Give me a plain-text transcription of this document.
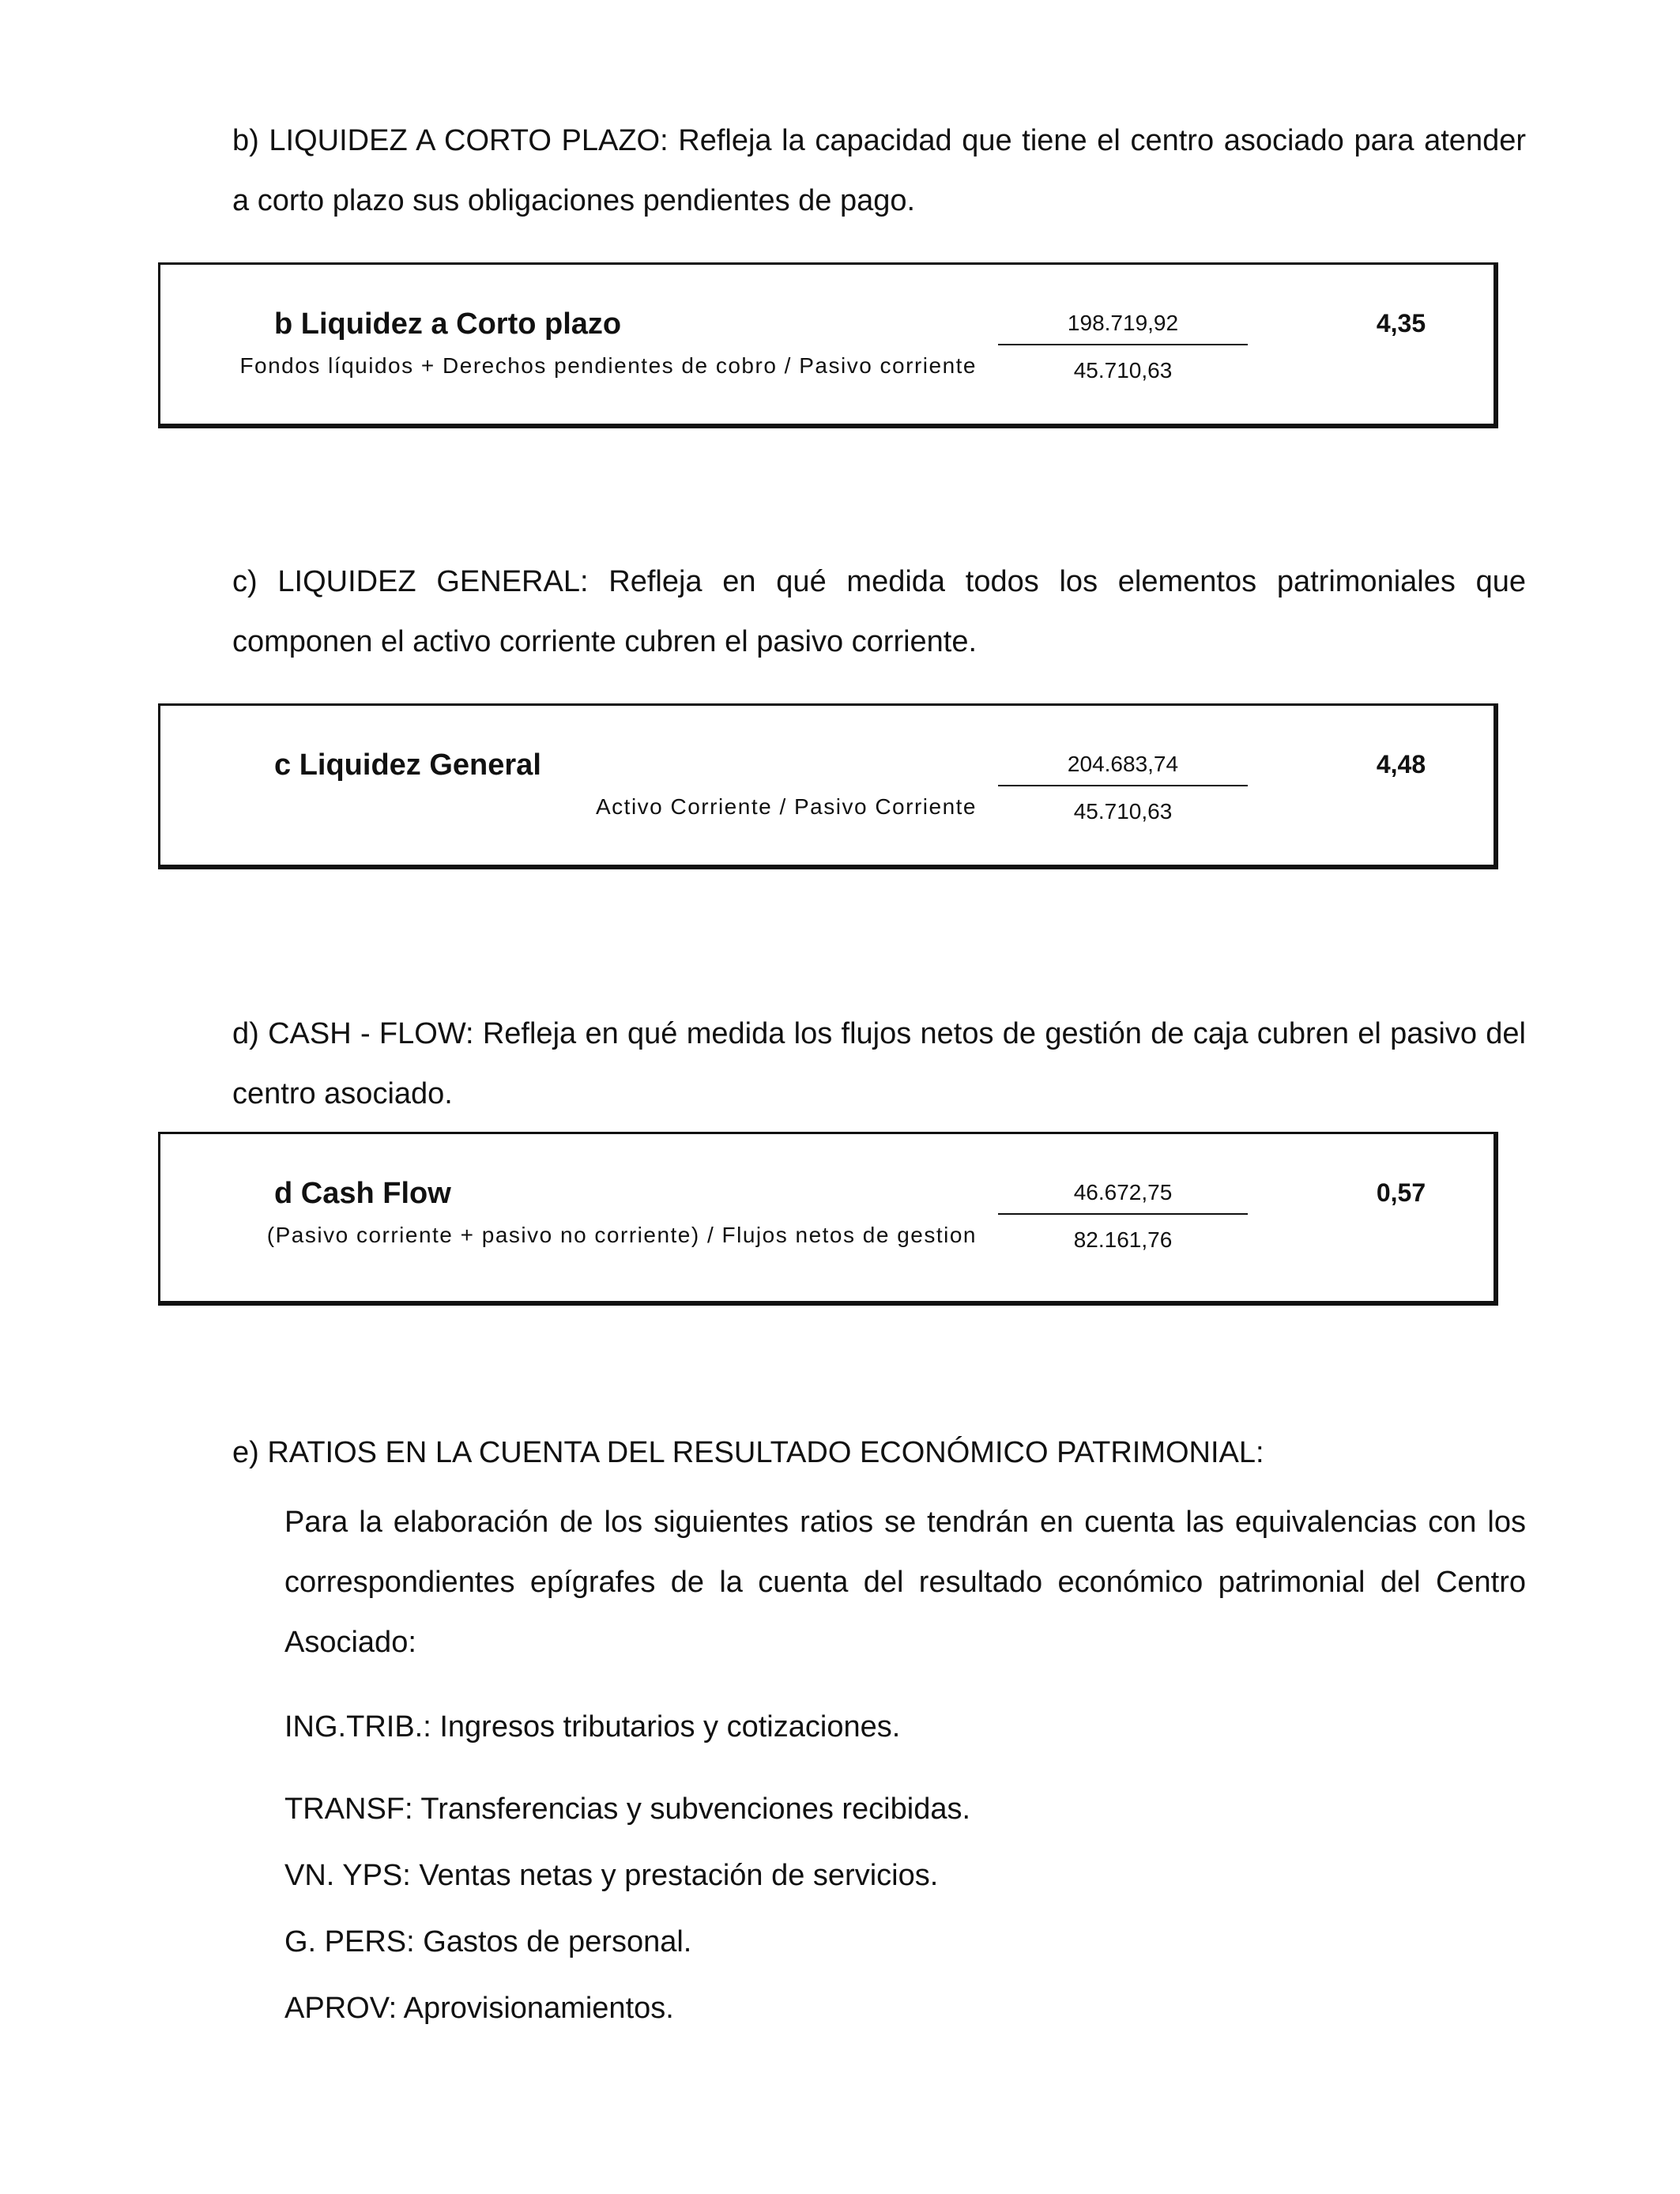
b) LIQUIDEZ A CORTO PLAZO: Refleja la capacidad que tiene el centro asociado para atender a corto plazo sus obligaciones pendientes de pago.

b Liquidez a Corto plazo
Fondos líquidos + Derechos pendientes de cobro / Pasivo corriente
198.719,92
45.710,63
4,35

c) LIQUIDEZ GENERAL: Refleja en qué medida todos los elementos patrimoniales que componen el activo corriente cubren el pasivo corriente.

c Liquidez General
Activo Corriente / Pasivo Corriente
204.683,74
45.710,63
4,48

d) CASH - FLOW: Refleja en qué medida los flujos netos de gestión de caja cubren el pasivo del centro asociado.

d Cash Flow
(Pasivo corriente + pasivo no corriente) / Flujos netos de gestion
46.672,75
82.161,76
0,57

e) RATIOS EN LA CUENTA DEL RESULTADO ECONÓMICO PATRIMONIAL:

Para la elaboración de los siguientes ratios se tendrán en cuenta las equivalencias con los correspondientes epígrafes de la cuenta del resultado económico patrimonial del Centro Asociado:

ING.TRIB.: Ingresos tributarios y cotizaciones.

TRANSF: Transferencias y subvenciones recibidas.

VN. YPS: Ventas netas y prestación de servicios.

G. PERS: Gastos de personal.

APROV: Aprovisionamientos.
